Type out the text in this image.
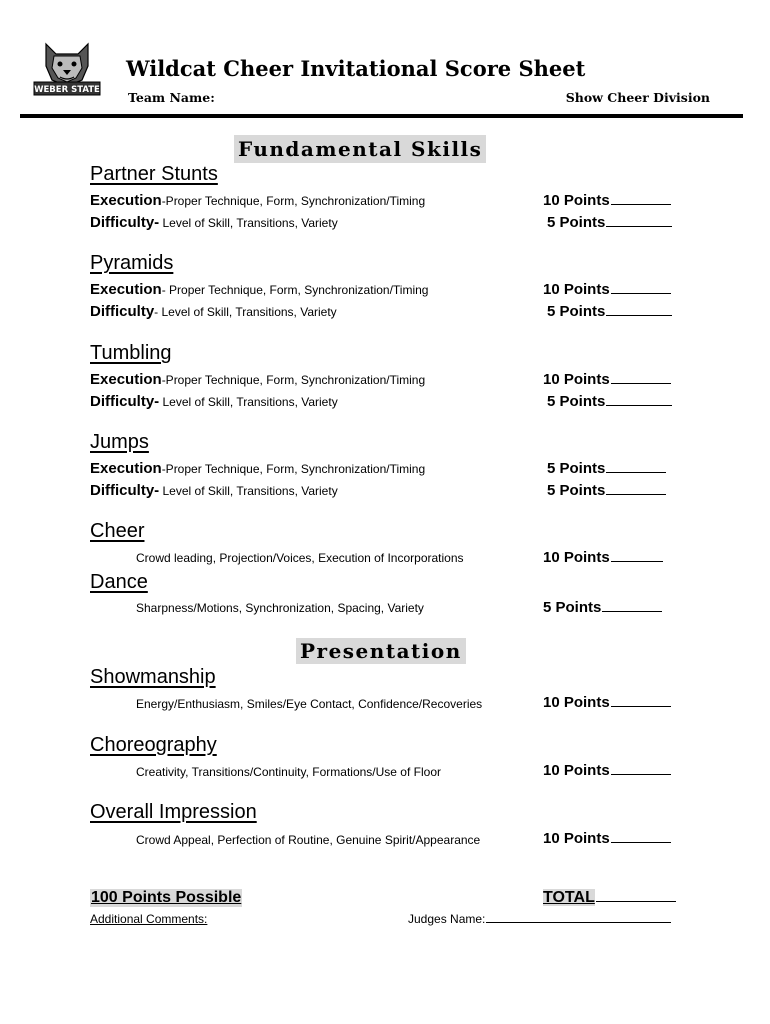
WEBER STATE
Wildcat Cheer Invitational Score Sheet
Team Name:	Show Cheer Division
Fundamental Skills
Partner Stunts
Execution-Proper Technique, Form, Synchronization/Timing	10 Points
Difficulty- Level of Skill, Transitions, Variety	5 Points
Pyramids
Execution- Proper Technique, Form, Synchronization/Timing	10 Points
Difficulty- Level of Skill, Transitions, Variety	5 Points
Tumbling
Execution-Proper Technique, Form, Synchronization/Timing	10 Points
Difficulty- Level of Skill, Transitions, Variety	5 Points
Jumps
Execution-Proper Technique, Form, Synchronization/Timing	5 Points
Difficulty- Level of Skill, Transitions, Variety	5 Points
Cheer
Crowd leading, Projection/Voices, Execution of Incorporations	10 Points
Dance
Sharpness/Motions, Synchronization, Spacing, Variety	5 Points
Presentation
Showmanship
Energy/Enthusiasm, Smiles/Eye Contact, Confidence/Recoveries	10 Points
Choreography
Creativity, Transitions/Continuity, Formations/Use of Floor	10 Points
Overall Impression
Crowd Appeal, Perfection of Routine, Genuine Spirit/Appearance	10 Points
100 Points Possible	TOTAL
Additional Comments:	Judges Name:
